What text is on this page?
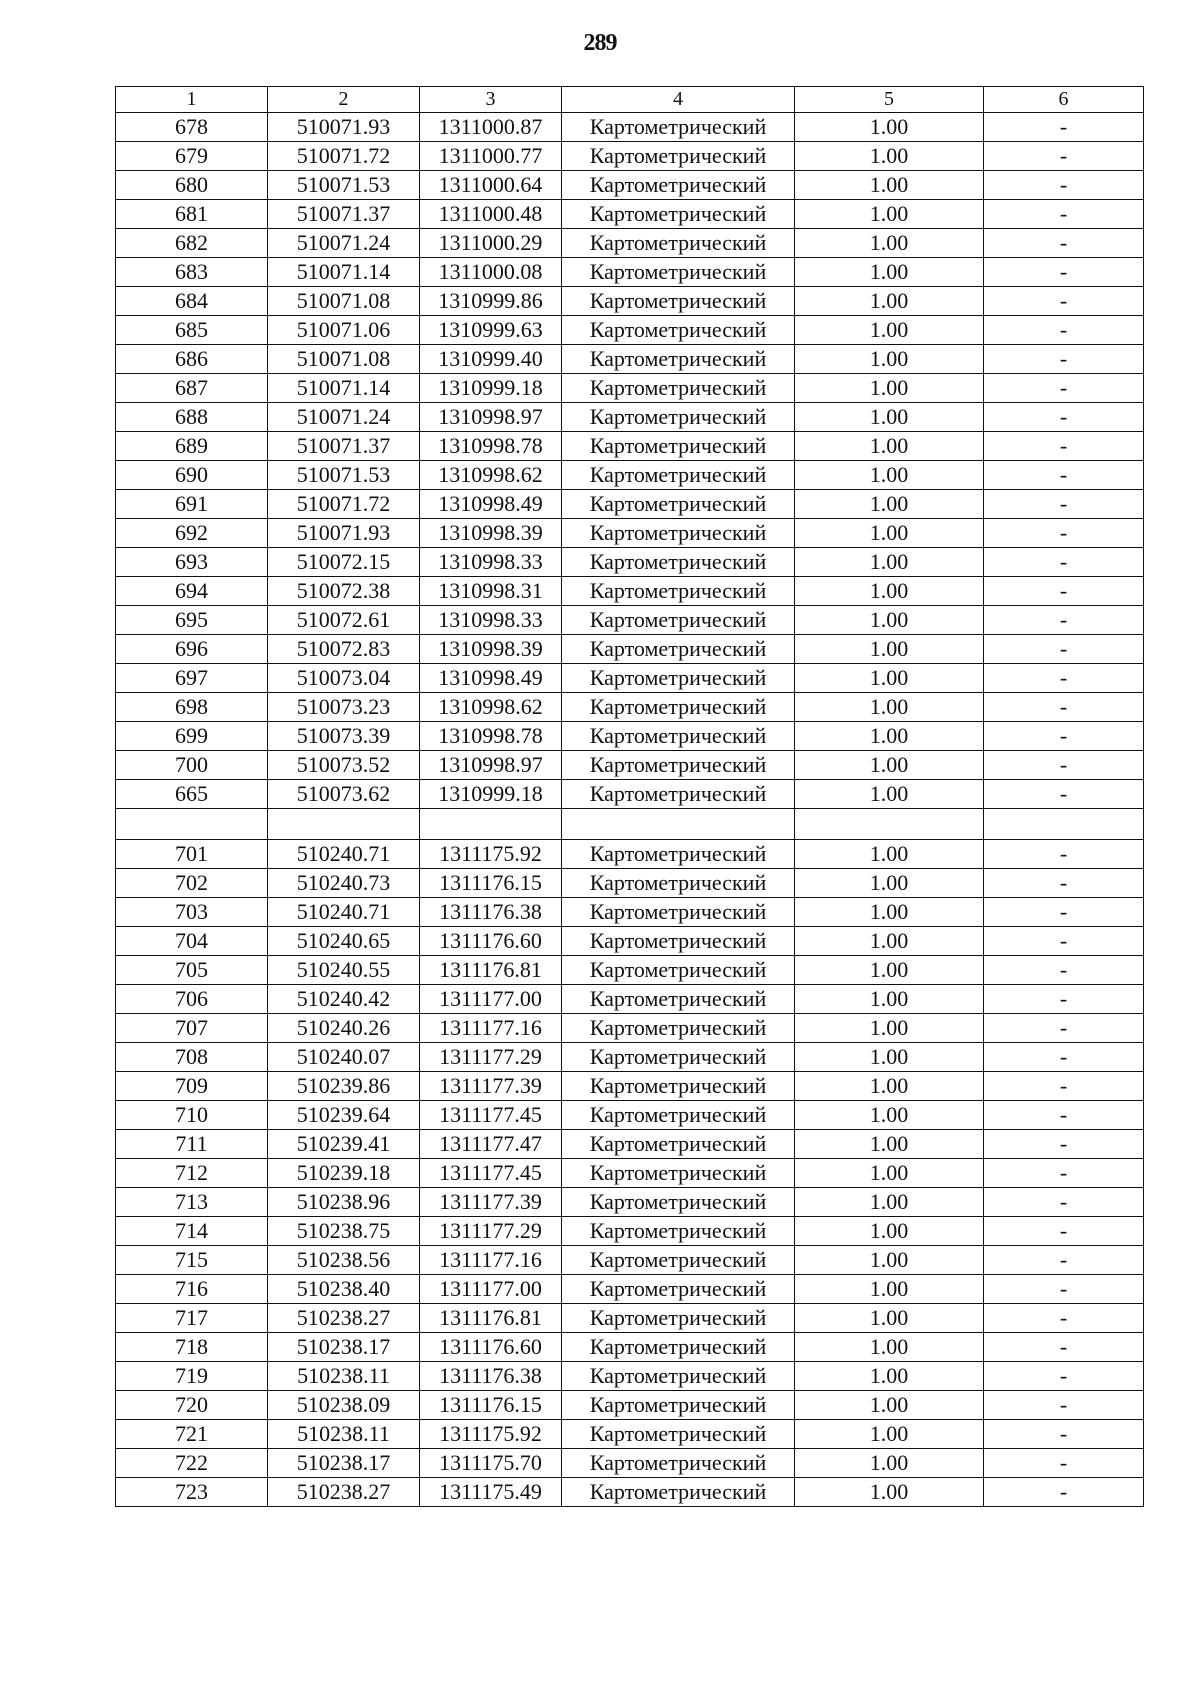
289
1	2	3	4	5	6
678	510071.93	1311000.87	Картометрический	1.00	-
679	510071.72	1311000.77	Картометрический	1.00	-
680	510071.53	1311000.64	Картометрический	1.00	-
681	510071.37	1311000.48	Картометрический	1.00	-
682	510071.24	1311000.29	Картометрический	1.00	-
683	510071.14	1311000.08	Картометрический	1.00	-
684	510071.08	1310999.86	Картометрический	1.00	-
685	510071.06	1310999.63	Картометрический	1.00	-
686	510071.08	1310999.40	Картометрический	1.00	-
687	510071.14	1310999.18	Картометрический	1.00	-
688	510071.24	1310998.97	Картометрический	1.00	-
689	510071.37	1310998.78	Картометрический	1.00	-
690	510071.53	1310998.62	Картометрический	1.00	-
691	510071.72	1310998.49	Картометрический	1.00	-
692	510071.93	1310998.39	Картометрический	1.00	-
693	510072.15	1310998.33	Картометрический	1.00	-
694	510072.38	1310998.31	Картометрический	1.00	-
695	510072.61	1310998.33	Картометрический	1.00	-
696	510072.83	1310998.39	Картометрический	1.00	-
697	510073.04	1310998.49	Картометрический	1.00	-
698	510073.23	1310998.62	Картометрический	1.00	-
699	510073.39	1310998.78	Картометрический	1.00	-
700	510073.52	1310998.97	Картометрический	1.00	-
665	510073.62	1310999.18	Картометрический	1.00	-

701	510240.71	1311175.92	Картометрический	1.00	-
702	510240.73	1311176.15	Картометрический	1.00	-
703	510240.71	1311176.38	Картометрический	1.00	-
704	510240.65	1311176.60	Картометрический	1.00	-
705	510240.55	1311176.81	Картометрический	1.00	-
706	510240.42	1311177.00	Картометрический	1.00	-
707	510240.26	1311177.16	Картометрический	1.00	-
708	510240.07	1311177.29	Картометрический	1.00	-
709	510239.86	1311177.39	Картометрический	1.00	-
710	510239.64	1311177.45	Картометрический	1.00	-
711	510239.41	1311177.47	Картометрический	1.00	-
712	510239.18	1311177.45	Картометрический	1.00	-
713	510238.96	1311177.39	Картометрический	1.00	-
714	510238.75	1311177.29	Картометрический	1.00	-
715	510238.56	1311177.16	Картометрический	1.00	-
716	510238.40	1311177.00	Картометрический	1.00	-
717	510238.27	1311176.81	Картометрический	1.00	-
718	510238.17	1311176.60	Картометрический	1.00	-
719	510238.11	1311176.38	Картометрический	1.00	-
720	510238.09	1311176.15	Картометрический	1.00	-
721	510238.11	1311175.92	Картометрический	1.00	-
722	510238.17	1311175.70	Картометрический	1.00	-
723	510238.27	1311175.49	Картометрический	1.00	-
